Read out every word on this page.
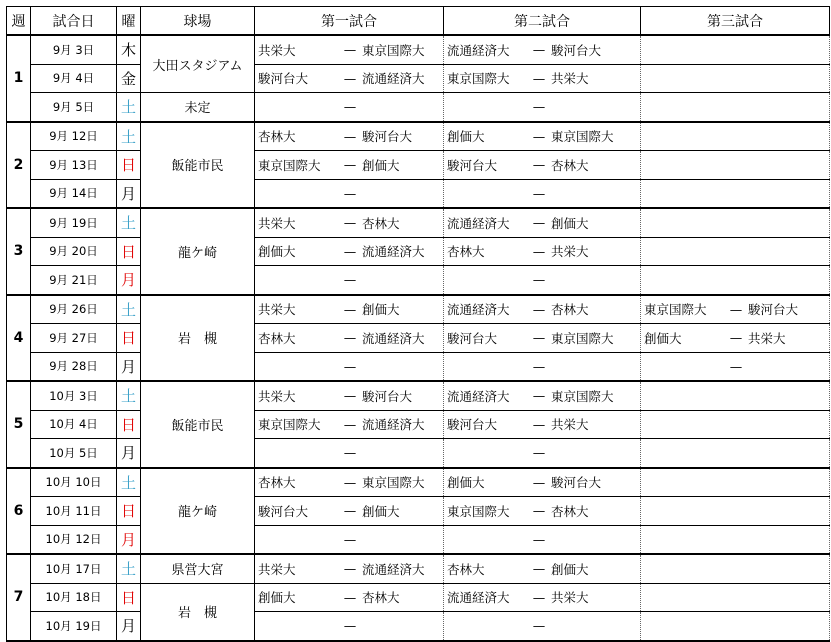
週	試合日	曜	球場	第一試合	第二試合	第三試合
1	9月 3日	木	大田スタジアム	共栄大 — 東京国際大	流通経済大 — 駿河台大	

	9月 4日	金		駿河台大 — 流通経済大	東京国際大 — 共栄大	

	9月 5日	土	未定	—	—	

2	9月 12日	土	飯能市民	杏林大 — 駿河台大	創価大 — 東京国際大	

	9月 13日	日		東京国際大 — 創価大	駿河台大 — 杏林大	

	9月 14日	月		—	—	

3	9月 19日	土	龍ケ崎	共栄大 — 杏林大	流通経済大 — 創価大	

	9月 20日	日		創価大 — 流通経済大	杏林大 — 共栄大	

	9月 21日	月		—	—	

4	9月 26日	土	岩　槻	共栄大 — 創価大	流通経済大 — 杏林大	東京国際大 — 駿河台大

	9月 27日	日		杏林大 — 流通経済大	駿河台大 — 東京国際大	創価大 — 共栄大

	9月 28日	月		—	—	—

5	10月 3日	土	飯能市民	共栄大 — 駿河台大	流通経済大 — 東京国際大	

	10月 4日	日		東京国際大 — 流通経済大	駿河台大 — 共栄大	

	10月 5日	月		—	—	

6	10月 10日	土	龍ケ崎	杏林大 — 東京国際大	創価大 — 駿河台大	

	10月 11日	日		駿河台大 — 創価大	東京国際大 — 杏林大	

	10月 12日	月		—	—	

7	10月 17日	土	県営大宮	共栄大 — 流通経済大	杏林大 — 創価大	

	10月 18日	日	岩　槻	創価大 — 杏林大	流通経済大 — 共栄大	

	10月 19日	月		—	—	
